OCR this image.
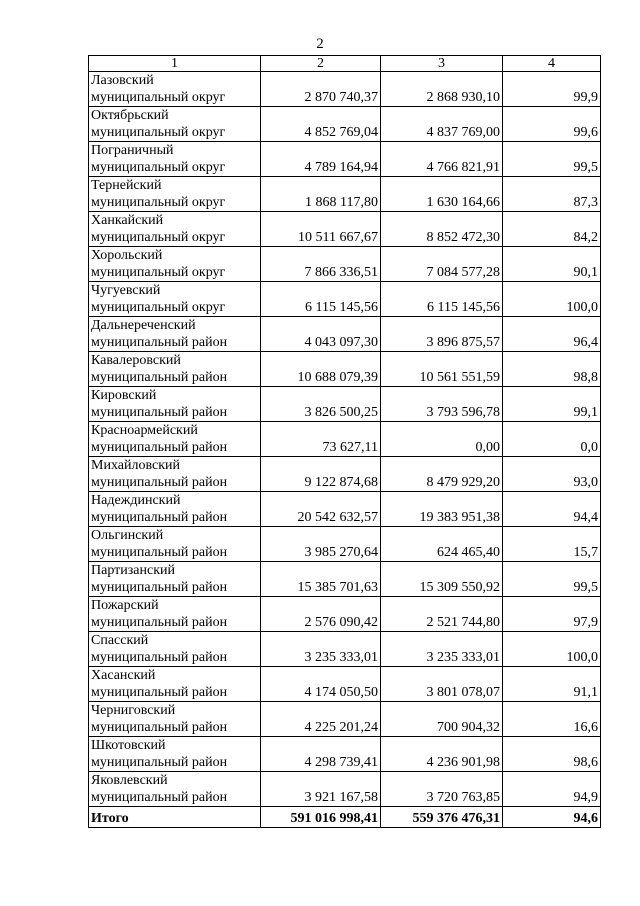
2
1	2	3	4

Лазовский
муниципальный округ	2 870 740,37	2 868 930,10	99,9

Октябрьский
муниципальный округ	4 852 769,04	4 837 769,00	99,6

Пограничный
муниципальный округ	4 789 164,94	4 766 821,91	99,5

Тернейский
муниципальный округ	1 868 117,80	1 630 164,66	87,3

Ханкайский
муниципальный округ	10 511 667,67	8 852 472,30	84,2

Хорольский
муниципальный округ	7 866 336,51	7 084 577,28	90,1

Чугуевский
муниципальный округ	6 115 145,56	6 115 145,56	100,0

Дальнереченский
муниципальный район	4 043 097,30	3 896 875,57	96,4

Кавалеровский
муниципальный район	10 688 079,39	10 561 551,59	98,8

Кировский
муниципальный район	3 826 500,25	3 793 596,78	99,1

Красноармейский
муниципальный район	73 627,11	0,00	0,0

Михайловский
муниципальный район	9 122 874,68	8 479 929,20	93,0

Надеждинский
муниципальный район	20 542 632,57	19 383 951,38	94,4

Ольгинский
муниципальный район	3 985 270,64	624 465,40	15,7

Партизанский
муниципальный район	15 385 701,63	15 309 550,92	99,5

Пожарский
муниципальный район	2 576 090,42	2 521 744,80	97,9

Спасский
муниципальный район	3 235 333,01	3 235 333,01	100,0

Хасанский
муниципальный район	4 174 050,50	3 801 078,07	91,1

Черниговский
муниципальный район	4 225 201,24	700 904,32	16,6

Шкотовский
муниципальный район	4 298 739,41	4 236 901,98	98,6

Яковлевский
муниципальный район	3 921 167,58	3 720 763,85	94,9
Итого	591 016 998,41	559 376 476,31	94,6
